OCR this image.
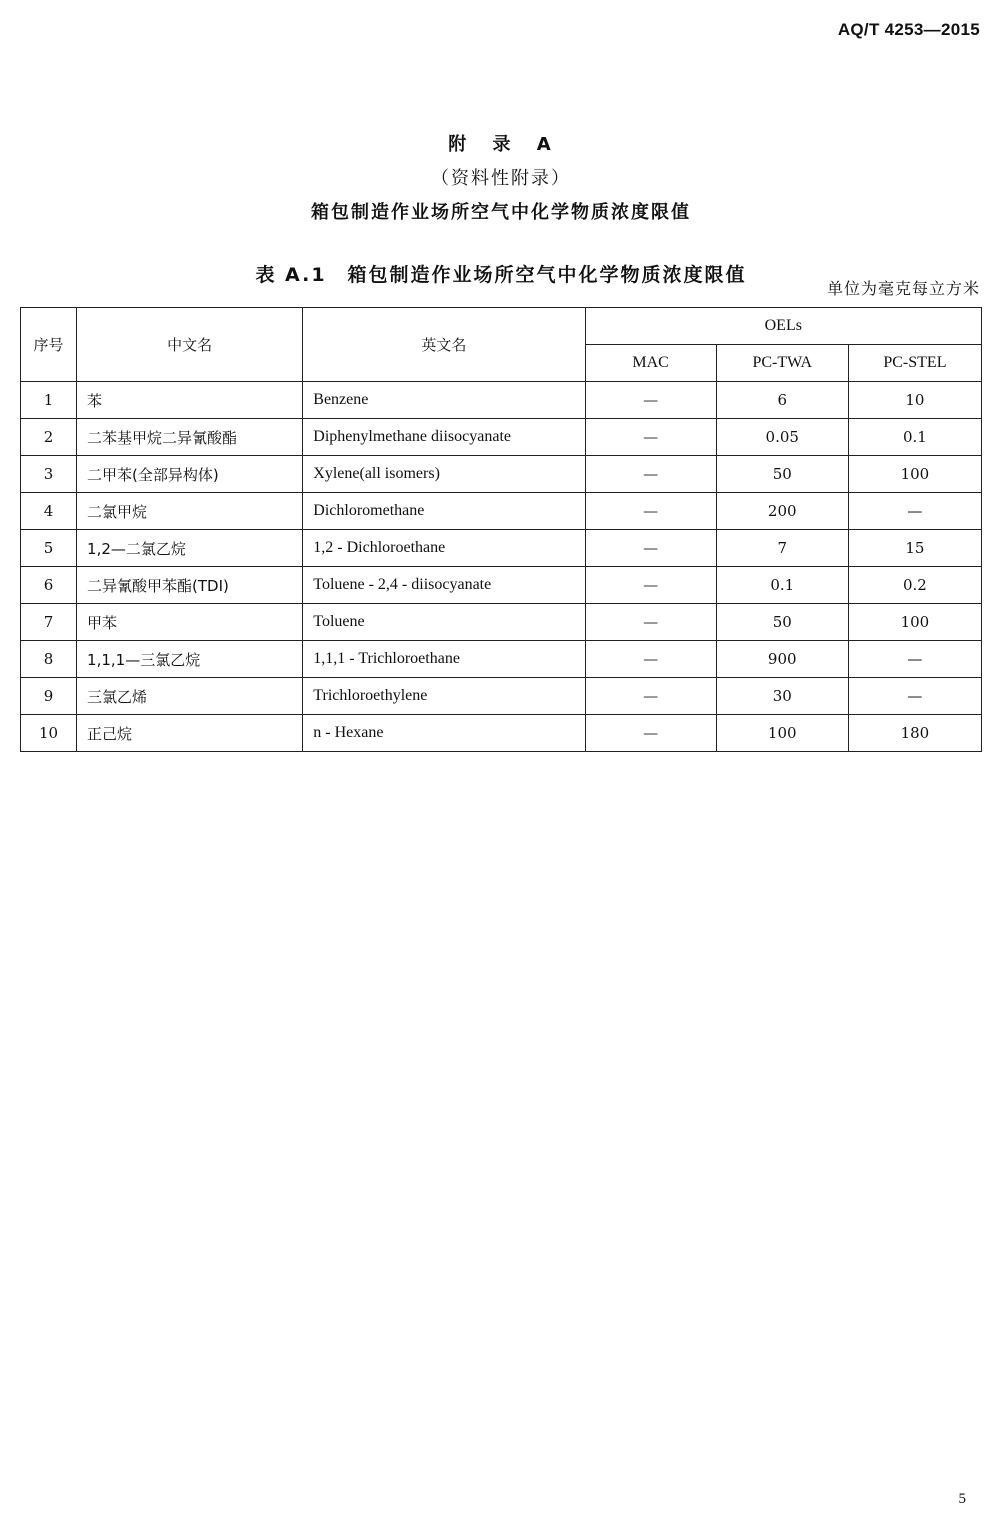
AQ/T 4253—2015
附 录 A
（资料性附录）
箱包制造作业场所空气中化学物质浓度限值
表 A.1　箱包制造作业场所空气中化学物质浓度限值
单位为毫克每立方米
序号	中文名	英文名	OELs		
			MAC	PC-TWA	PC-STEL
1	苯	Benzene	—	6	10
2	二苯基甲烷二异氰酸酯	Diphenylmethane diisocyanate	—	0.05	0.1
3	二甲苯(全部异构体)	Xylene(all isomers)	—	50	100
4	二氯甲烷	Dichloromethane	—	200	—
5	1,2—二氯乙烷	1,2 - Dichloroethane	—	7	15
6	二异氰酸甲苯酯(TDI)	Toluene - 2,4 - diisocyanate	—	0.1	0.2
7	甲苯	Toluene	—	50	100
8	1,1,1—三氯乙烷	1,1,1 - Trichloroethane	—	900	—
9	三氯乙烯	Trichloroethylene	—	30	—
10	正己烷	n - Hexane	—	100	180
5
